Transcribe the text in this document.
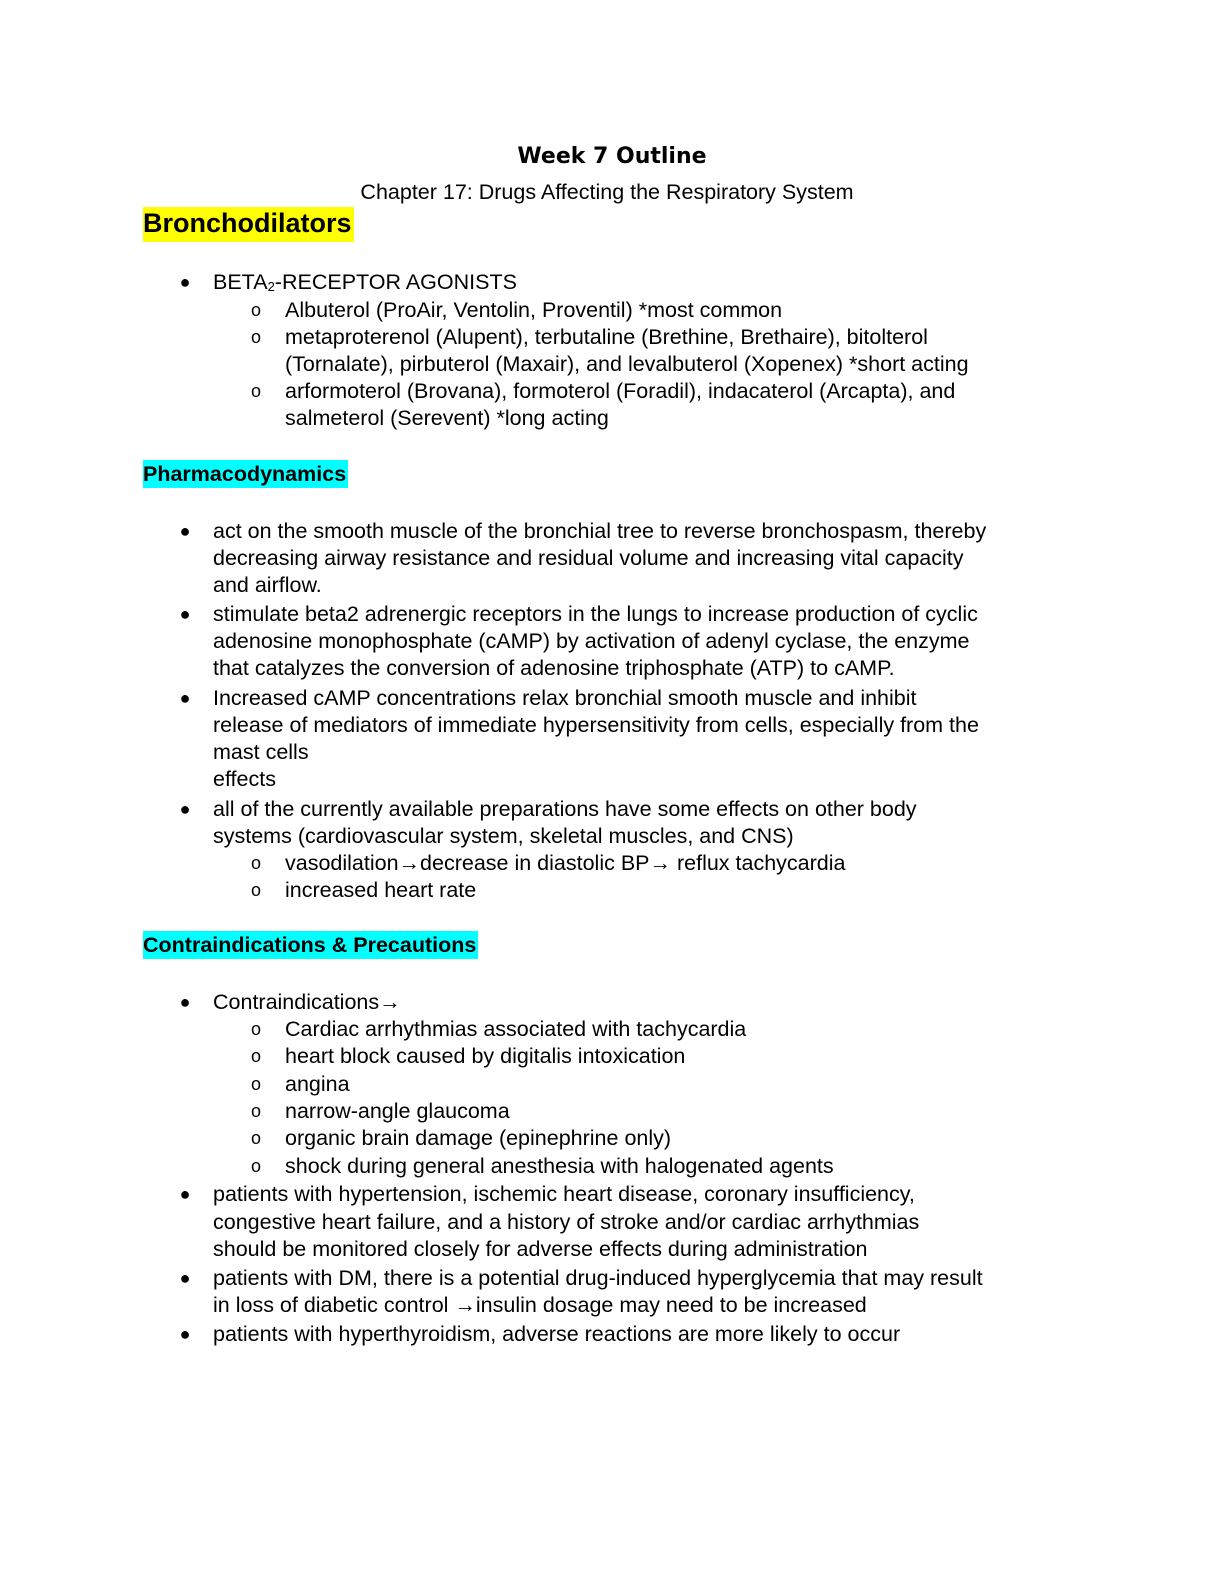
Week 7 Outline
Chapter 17: Drugs Affecting the Respiratory System
Bronchodilators
● $BETA_2$-RECEPTOR AGONISTS
o Albuterol (ProAir, Ventolin, Proventil) *most common
o metaproterenol (Alupent), terbutaline (Brethine, Brethaire), bitolterol
(Tornalate), pirbuterol (Maxair), and levalbuterol (Xopenex) *short acting
o arformoterol (Brovana), formoterol (Foradil), indacaterol (Arcapta), and
salmeterol (Serevent) *long acting
Pharmacodynamics
● act on the smooth muscle of the bronchial tree to reverse bronchospasm, thereby
decreasing airway resistance and residual volume and increasing vital capacity
and airflow.
● stimulate beta2 adrenergic receptors in the lungs to increase production of cyclic
adenosine monophosphate (cAMP) by activation of adenyl cyclase, the enzyme
that catalyzes the conversion of adenosine triphosphate (ATP) to cAMP.
● Increased cAMP concentrations relax bronchial smooth muscle and inhibit
release of mediators of immediate hypersensitivity from cells, especially from the
mast cells
effects
● all of the currently available preparations have some effects on other body
systems (cardiovascular system, skeletal muscles, and CNS)
o vasodilation→decrease in diastolic BP→ reflux tachycardia
o increased heart rate
Contraindications & Precautions
● Contraindications→
o Cardiac arrhythmias associated with tachycardia
o heart block caused by digitalis intoxication
o angina
o narrow-angle glaucoma
o organic brain damage (epinephrine only)
o shock during general anesthesia with halogenated agents
● patients with hypertension, ischemic heart disease, coronary insufficiency,
congestive heart failure, and a history of stroke and/or cardiac arrhythmias
should be monitored closely for adverse effects during administration
● patients with DM, there is a potential drug-induced hyperglycemia that may result
in loss of diabetic control →insulin dosage may need to be increased
● patients with hyperthyroidism, adverse reactions are more likely to occur
